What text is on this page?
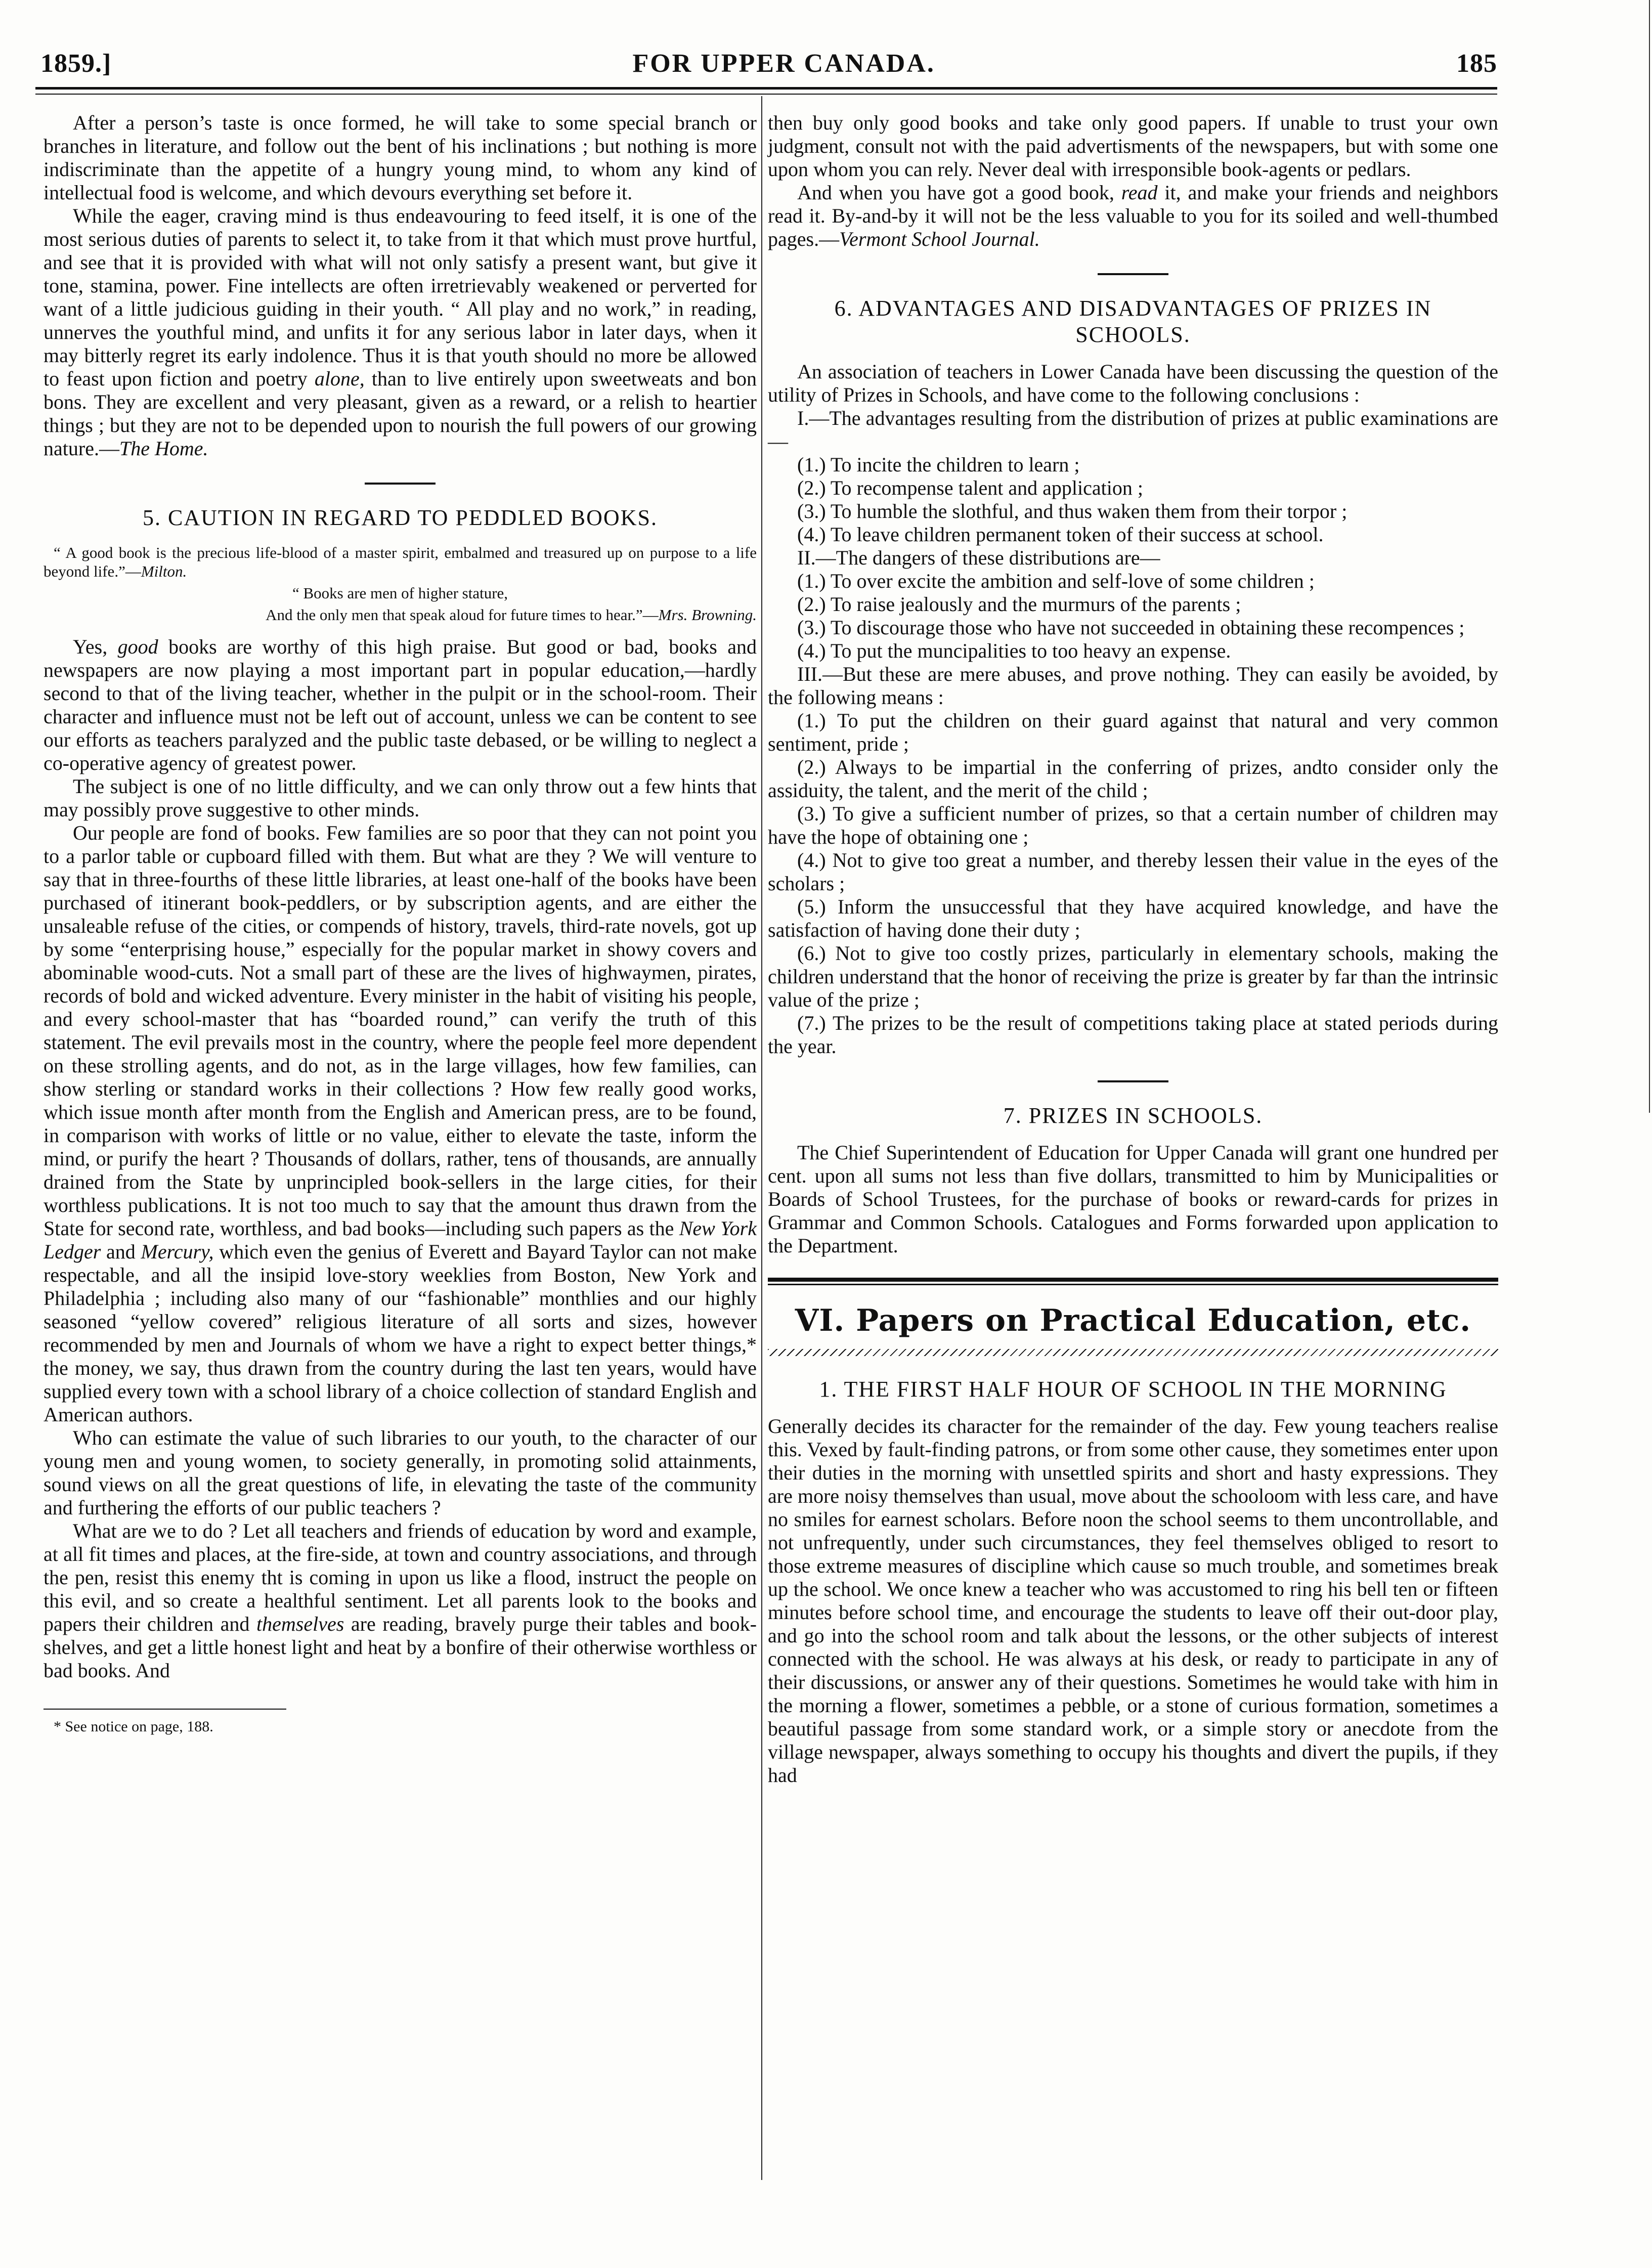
1859.]	FOR UPPER CANADA.	185

After a person’s taste is once formed, he will take to some special branch or branches in literature, and follow out the bent of his inclinations ; but nothing is more indiscriminate than the appetite of a hungry young mind, to whom any kind of intellectual food is welcome, and which devours everything set before it.

While the eager, craving mind is thus endeavouring to feed itself, it is one of the most serious duties of parents to select it, to take from it that which must prove hurtful, and see that it is provided with what will not only satisfy a present want, but give it tone, stamina, power. Fine intellects are often irretrievably weakened or perverted for want of a little judicious guiding in their youth. “ All play and no work,” in reading, unnerves the youthful mind, and unfits it for any serious labor in later days, when it may bitterly regret its early indolence. Thus it is that youth should no more be allowed to feast upon fiction and poetry alone, than to live entirely upon sweetweats and bon bons. They are excellent and very pleasant, given as a reward, or a relish to heartier things ; but they are not to be depended upon to nourish the full powers of our growing nature.—The Home.

5. CAUTION IN REGARD TO PEDDLED BOOKS.

“ A good book is the precious life-blood of a master spirit, embalmed and treasured up on purpose to a life beyond life.”—Milton.

“ Books are men of higher stature,

And the only men that speak aloud for future times to hear.”—Mrs. Browning.

Yes, good books are worthy of this high praise. But good or bad, books and newspapers are now playing a most important part in popular education,—hardly second to that of the living teacher, whether in the pulpit or in the school-room. Their character and influence must not be left out of account, unless we can be content to see our efforts as teachers paralyzed and the public taste debased, or be willing to neglect a co-operative agency of greatest power.

The subject is one of no little difficulty, and we can only throw out a few hints that may possibly prove suggestive to other minds.

Our people are fond of books. Few families are so poor that they can not point you to a parlor table or cupboard filled with them. But what are they ? We will venture to say that in three-fourths of these little libraries, at least one-half of the books have been purchased of itinerant book-peddlers, or by subscription agents, and are either the unsaleable refuse of the cities, or compends of history, travels, third-rate novels, got up by some “enterprising house,” especially for the popular market in showy covers and abominable wood-cuts. Not a small part of these are the lives of highwaymen, pirates, records of bold and wicked adventure. Every minister in the habit of visiting his people, and every school-master that has “boarded round,” can verify the truth of this statement. The evil prevails most in the country, where the people feel more dependent on these strolling agents, and do not, as in the large villages, how few families, can show sterling or standard works in their collections ? How few really good works, which issue month after month from the English and American press, are to be found, in comparison with works of little or no value, either to elevate the taste, inform the mind, or purify the heart ? Thousands of dollars, rather, tens of thousands, are annually drained from the State by unprincipled book-sellers in the large cities, for their worthless publications. It is not too much to say that the amount thus drawn from the State for second rate, worthless, and bad books—including such papers as the New York Ledger and Mercury, which even the genius of Everett and Bayard Taylor can not make respectable, and all the insipid love-story weeklies from Boston, New York and Philadelphia ; including also many of our “fashionable” monthlies and our highly seasoned “yellow covered” religious literature of all sorts and sizes, however recommended by men and Journals of whom we have a right to expect better things,* the money, we say, thus drawn from the country during the last ten years, would have supplied every town with a school library of a choice collection of standard English and American authors.

Who can estimate the value of such libraries to our youth, to the character of our young men and young women, to society generally, in promoting solid attainments, sound views on all the great questions of life, in elevating the taste of the community and furthering the efforts of our public teachers ?

What are we to do ? Let all teachers and friends of education by word and example, at all fit times and places, at the fire-side, at town and country associations, and through the pen, resist this enemy tht is coming in upon us like a flood, instruct the people on this evil, and so create a healthful sentiment. Let all parents look to the books and papers their children and themselves are reading, bravely purge their tables and book-shelves, and get a little honest light and heat by a bonfire of their otherwise worthless or bad books. And

* See notice on page, 188.

then buy only good books and take only good papers. If unable to trust your own judgment, consult not with the paid advertisments of the newspapers, but with some one upon whom you can rely. Never deal with irresponsible book-agents or pedlars.

And when you have got a good book, read it, and make your friends and neighbors read it. By-and-by it will not be the less valuable to you for its soiled and well-thumbed pages.—Vermont School Journal.

6. ADVANTAGES AND DISADVANTAGES OF PRIZES IN SCHOOLS.

An association of teachers in Lower Canada have been discussing the question of the utility of Prizes in Schools, and have come to the following conclusions :

I.—The advantages resulting from the distribution of prizes at public examinations are—

(1.) To incite the children to learn ;

(2.) To recompense talent and application ;

(3.) To humble the slothful, and thus waken them from their torpor ;

(4.) To leave children permanent token of their success at school.

II.—The dangers of these distributions are—

(1.) To over excite the ambition and self-love of some children ;

(2.) To raise jealously and the murmurs of the parents ;

(3.) To discourage those who have not succeeded in obtaining these recompences ;

(4.) To put the muncipalities to too heavy an expense.

III.—But these are mere abuses, and prove nothing. They can easily be avoided, by the following means :

(1.) To put the children on their guard against that natural and very common sentiment, pride ;

(2.) Always to be impartial in the conferring of prizes, andto consider only the assiduity, the talent, and the merit of the child ;

(3.) To give a sufficient number of prizes, so that a certain number of children may have the hope of obtaining one ;

(4.) Not to give too great a number, and thereby lessen their value in the eyes of the scholars ;

(5.) Inform the unsuccessful that they have acquired knowledge, and have the satisfaction of having done their duty ;

(6.) Not to give too costly prizes, particularly in elementary schools, making the children understand that the honor of receiving the prize is greater by far than the intrinsic value of the prize ;

(7.) The prizes to be the result of competitions taking place at stated periods during the year.

7. PRIZES IN SCHOOLS.

The Chief Superintendent of Education for Upper Canada will grant one hundred per cent. upon all sums not less than five dollars, transmitted to him by Municipalities or Boards of School Trustees, for the purchase of books or reward-cards for prizes in Grammar and Common Schools. Catalogues and Forms forwarded upon application to the Department.

VI. Papers on Practical Education, etc.
1. THE FIRST HALF HOUR OF SCHOOL IN THE MORNING

Generally decides its character for the remainder of the day. Few young teachers realise this. Vexed by fault-finding patrons, or from some other cause, they sometimes enter upon their duties in the morning with unsettled spirits and short and hasty expressions. They are more noisy themselves than usual, move about the schooloom with less care, and have no smiles for earnest scholars. Before noon the school seems to them uncontrollable, and not unfrequently, under such circumstances, they feel themselves obliged to resort to those extreme measures of discipline which cause so much trouble, and sometimes break up the school. We once knew a teacher who was accustomed to ring his bell ten or fifteen minutes before school time, and encourage the students to leave off their out-door play, and go into the school room and talk about the lessons, or the other subjects of interest connected with the school. He was always at his desk, or ready to participate in any of their discussions, or answer any of their questions. Sometimes he would take with him in the morning a flower, sometimes a pebble, or a stone of curious formation, sometimes a beautiful passage from some standard work, or a simple story or anecdote from the village newspaper, always something to occupy his thoughts and divert the pupils, if they had
